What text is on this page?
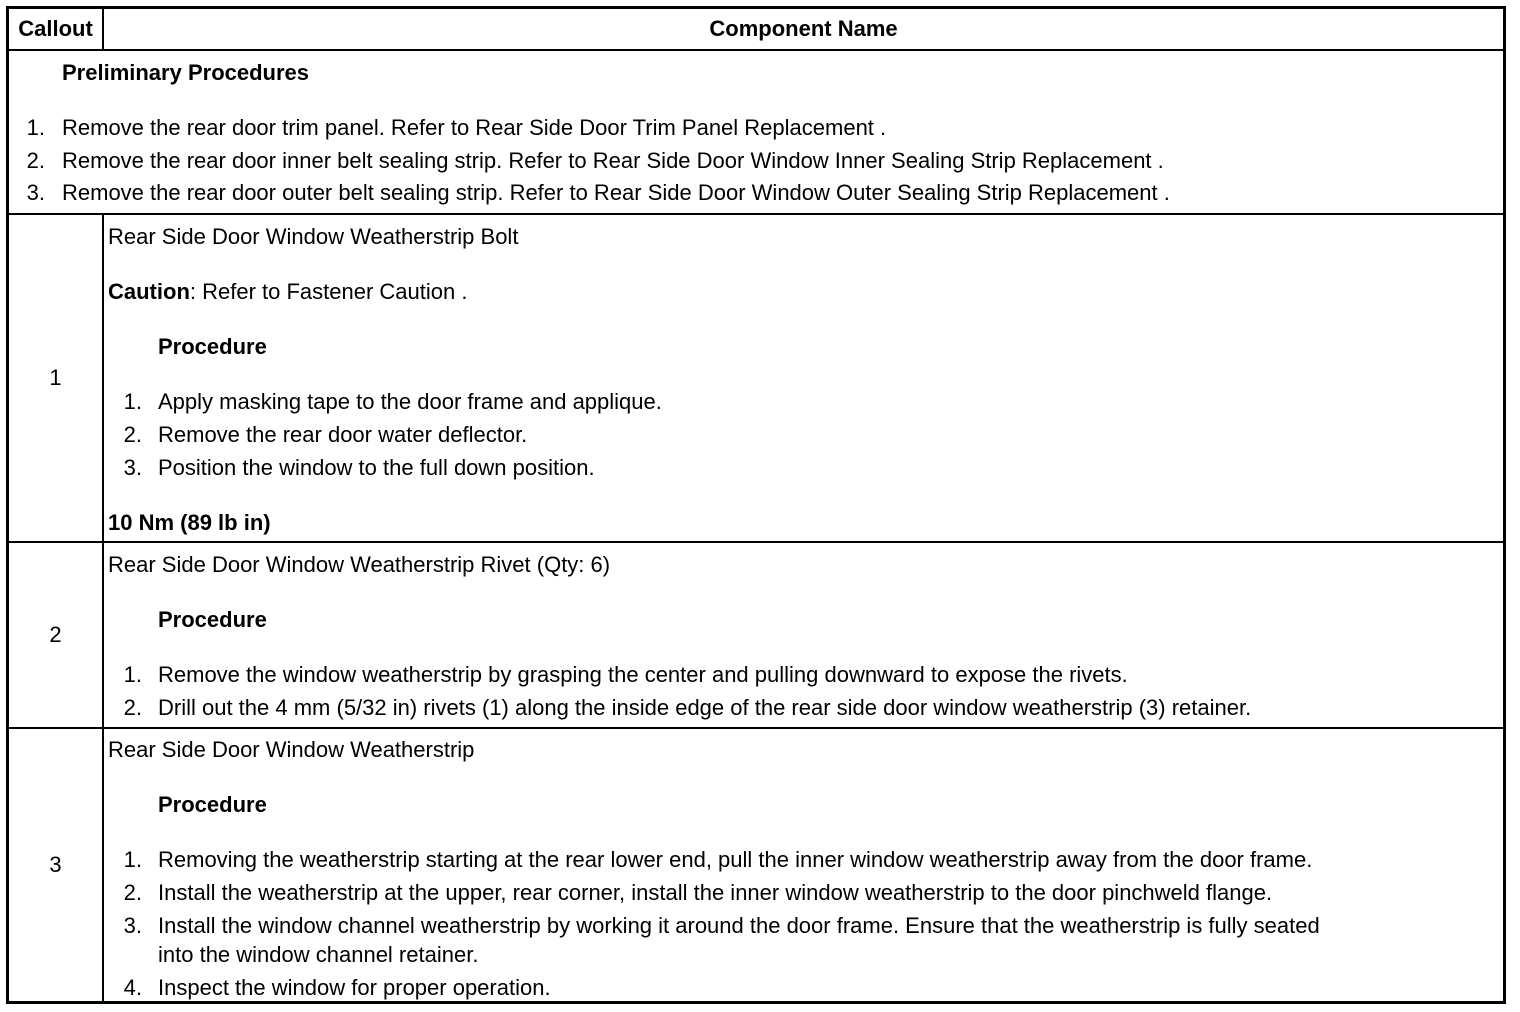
Callout	Component Name
Preliminary Procedures
1. Remove the rear door trim panel. Refer to Rear Side Door Trim Panel Replacement .
2. Remove the rear door inner belt sealing strip. Refer to Rear Side Door Window Inner Sealing Strip Replacement .
3. Remove the rear door outer belt sealing strip. Refer to Rear Side Door Window Outer Sealing Strip Replacement .
1
Rear Side Door Window Weatherstrip Bolt
Caution: Refer to Fastener Caution .
Procedure
1. Apply masking tape to the door frame and applique.
2. Remove the rear door water deflector.
3. Position the window to the full down position.
10 Nm (89 lb in)
2
Rear Side Door Window Weatherstrip Rivet (Qty: 6)
Procedure
1. Remove the window weatherstrip by grasping the center and pulling downward to expose the rivets.
2. Drill out the 4 mm (5/32 in) rivets (1) along the inside edge of the rear side door window weatherstrip (3) retainer.
3
Rear Side Door Window Weatherstrip
Procedure
1. Removing the weatherstrip starting at the rear lower end, pull the inner window weatherstrip away from the door frame.
2. Install the weatherstrip at the upper, rear corner, install the inner window weatherstrip to the door pinchweld flange.
3. Install the window channel weatherstrip by working it around the door frame. Ensure that the weatherstrip is fully seated
into the window channel retainer.
4. Inspect the window for proper operation.
